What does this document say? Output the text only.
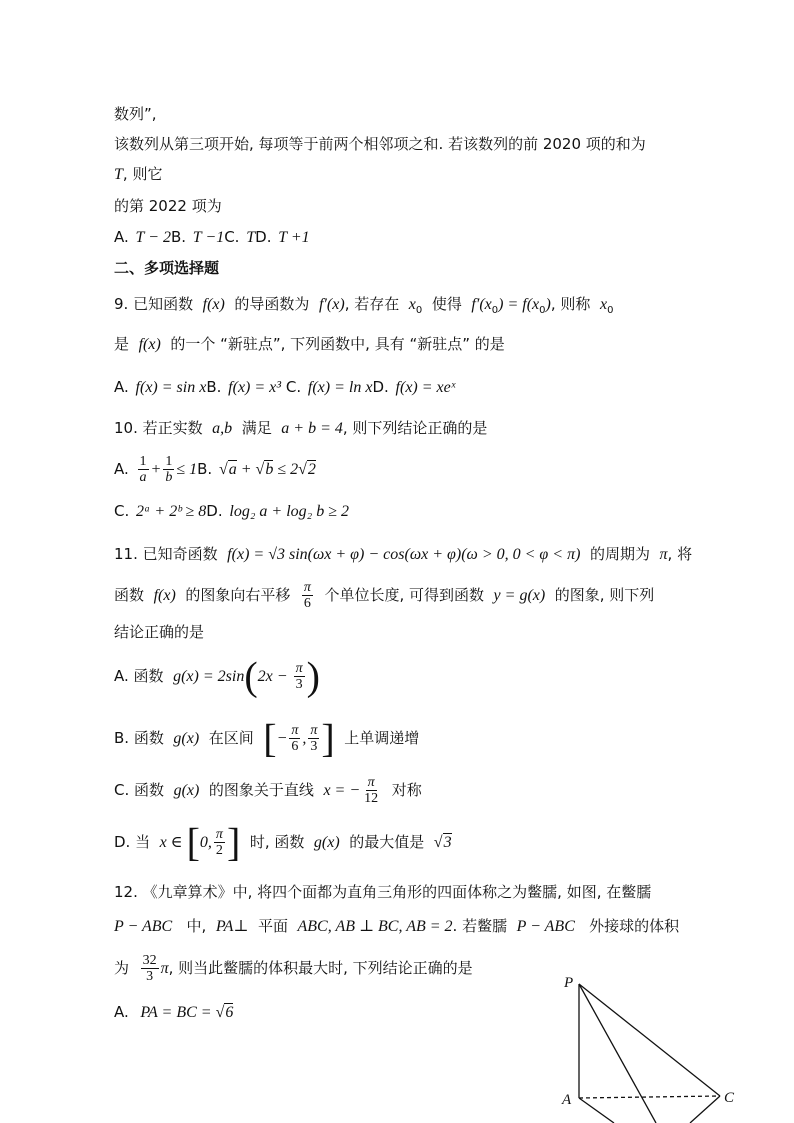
数列”,
该数列从第三项开始, 每项等于前两个相邻项之和. 若该数列的前 2020 项的和为
T, 则它
的第 2022 项为
A. T − 2B. T −1C. TD. T +1
二、多项选择题
9. 已知函数 f(x) 的导函数为 f′(x), 若存在 $x_0$ 使得 $f'(x_0) = f(x_0)$, 则称 $x_0$
是 f(x) 的一个 “新驻点”, 下列函数中, 具有 “新驻点” 的是
A. f(x) = sin xB. f(x) = x³ C. f(x) = ln xD. f(x) = xeˣ
10. 若正实数 a,b 满足 a + b = 4, 则下列结论正确的是
A. $\frac{1}{a} + \frac{1}{b} \le 1B$. √a + √b ≤ 2√2
C. 2ᵃ + 2ᵇ ≥ 8D. log₂ a + log₂ b ≥ 2
11. 已知奇函数 f(x) = √3 sin(ωx + φ) − cos(ωx + φ)(ω > 0, 0 < φ < π) 的周期为 π, 将
函数 f(x) 的图象向右平移 $\frac{\pi}{6}$ 个单位长度, 可得到函数 y = g(x) 的图象, 则下列
结论正确的是
A. 函数 $g(x) = 2\sin(2x - \frac{\pi}{3}$ )
B. 函数 g(x) 在区间 [− $\frac{\pi}{6}$ , $\frac{\pi}{3}$ ] 上单调递增
C. 函数 g(x) 的图象关于直线 x = − $\frac{\pi}{12}$ 对称
D. 当 x ∈ [0, $\frac{\pi}{2}$ ] 时, 函数 g(x) 的最大值是 √3
12. 《九章算术》中, 将四个面都为直角三角形的四面体称之为鳖臑, 如图, 在鳖臑
P − ABC 中, PA⊥ 平面 ABC, AB ⊥ BC, AB = 2. 若鳖臑 P − ABC 外接球的体积
为 $\frac{32}{3} \pi$, 则当此鳖臑的体积最大时, 下列结论正确的是
A. PA = BC = √6
P
A	C
